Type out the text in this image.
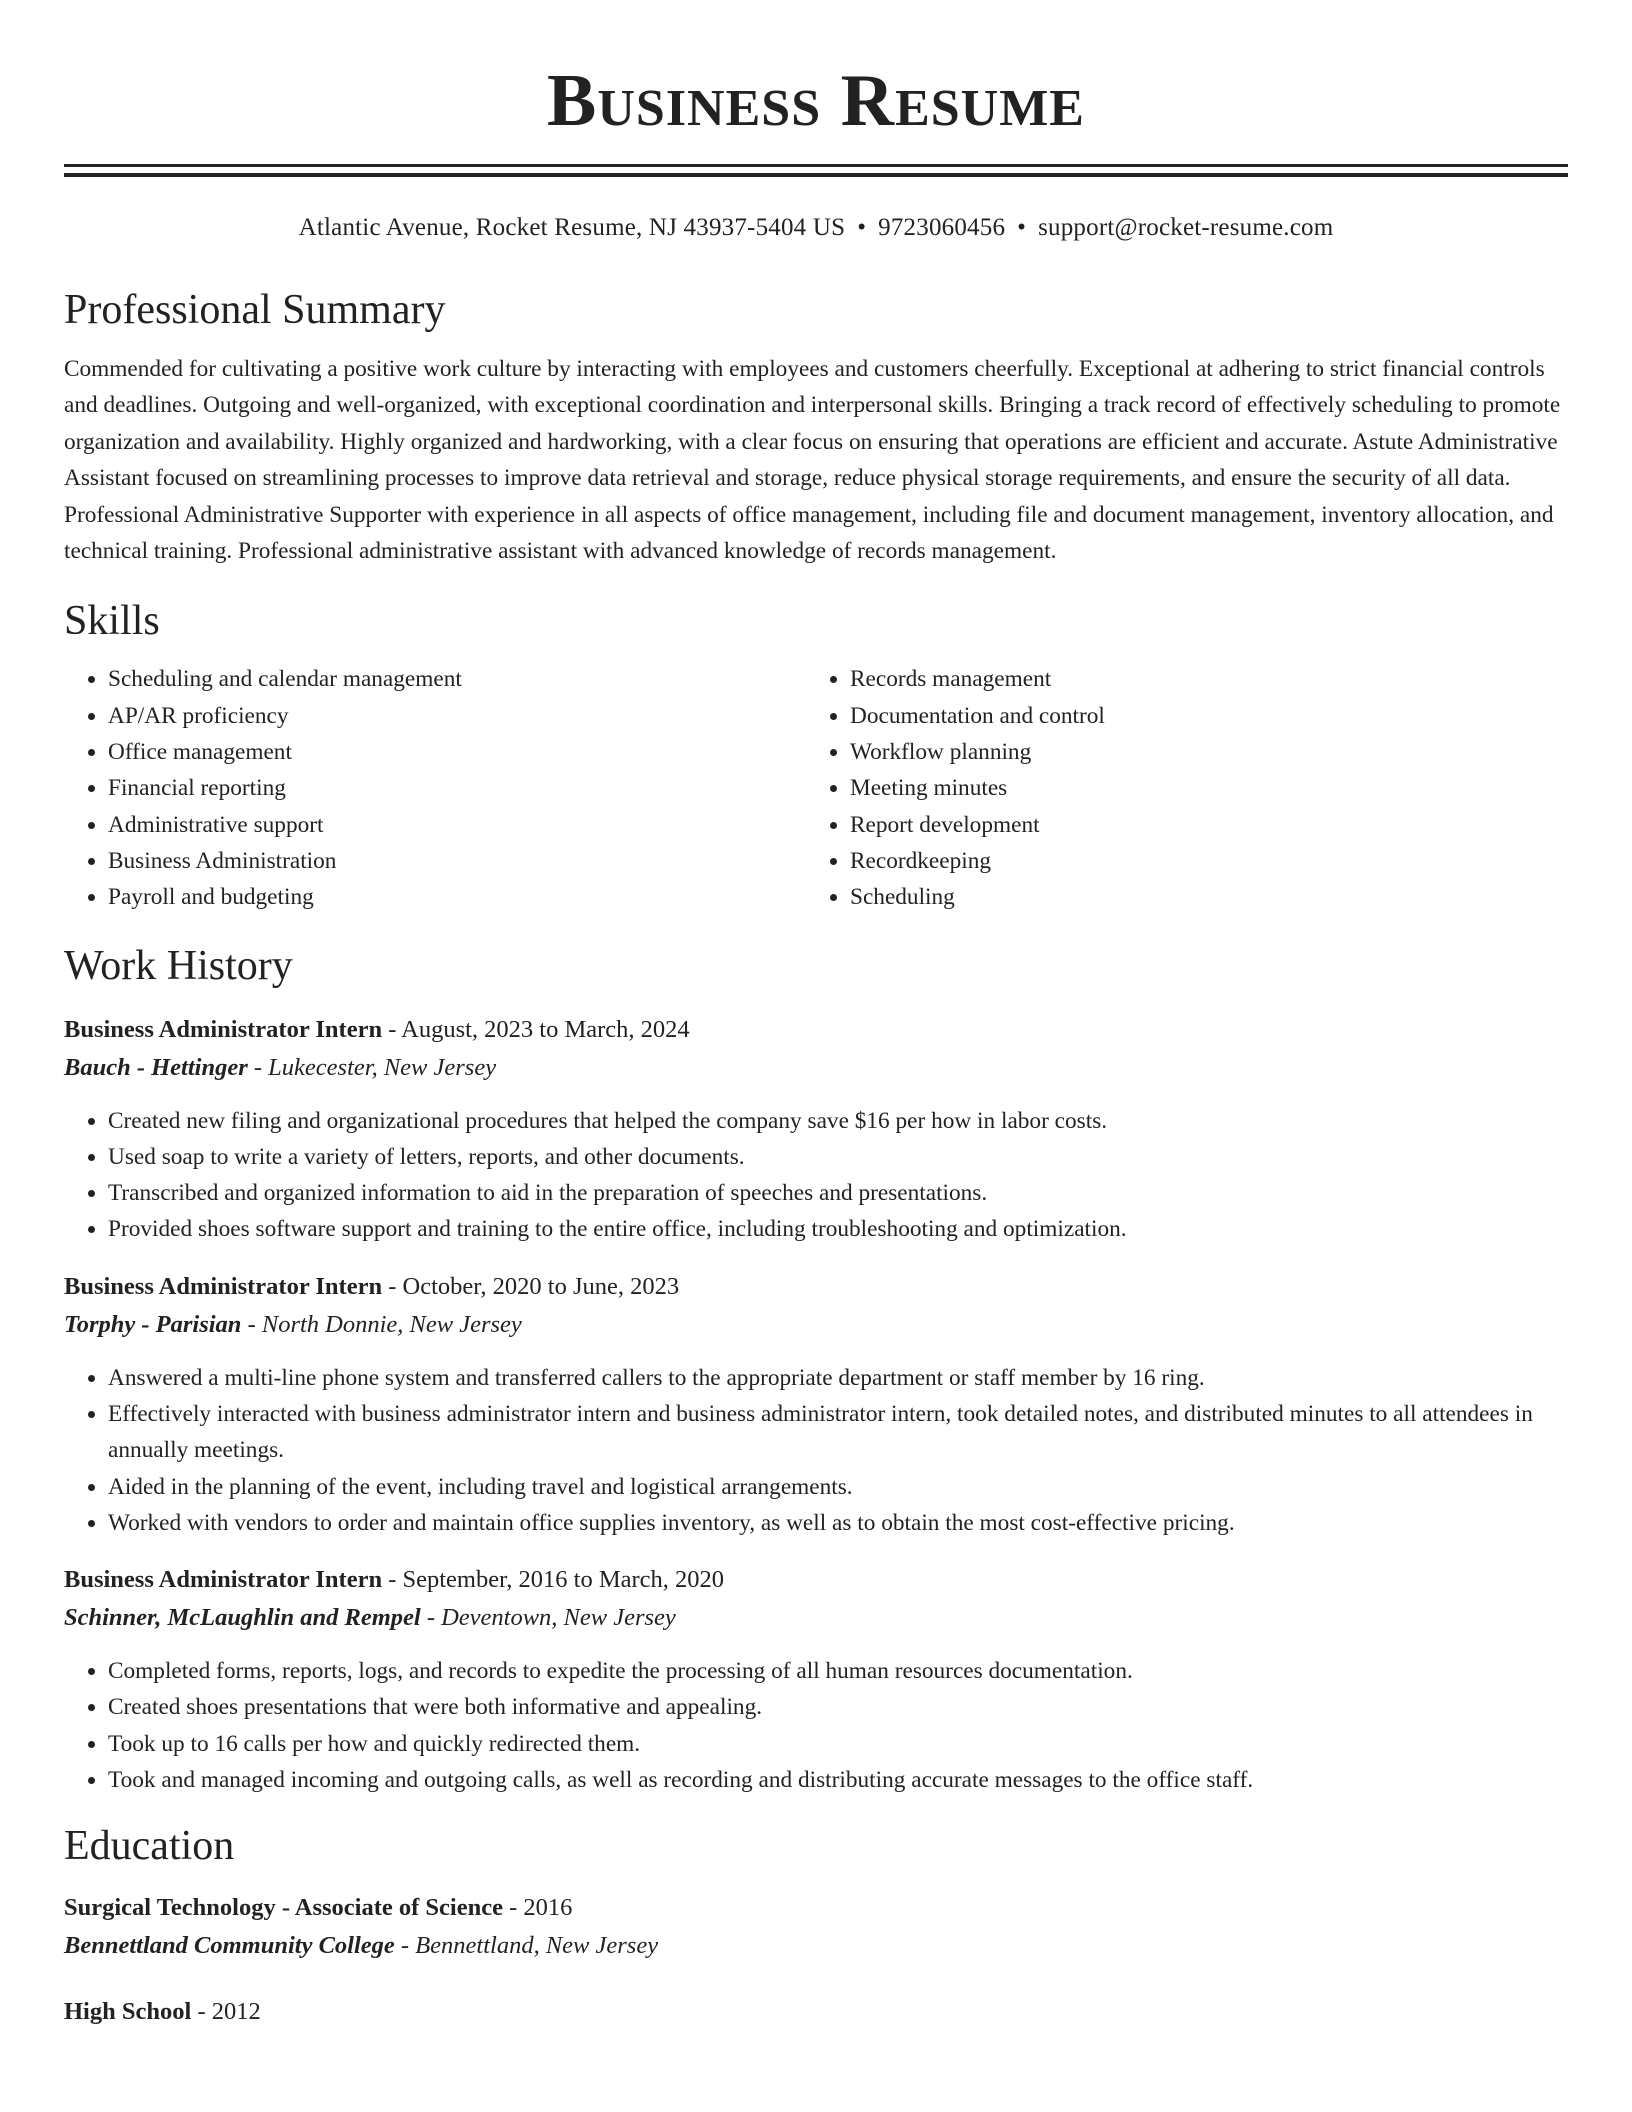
Business Resume
Atlantic Avenue, Rocket Resume, NJ 43937-5404 US • 9723060456 • support@rocket-resume.com
Professional Summary

Commended for cultivating a positive work culture by interacting with employees and customers cheerfully. Exceptional at adhering to strict financial controls and deadlines. Outgoing and well-organized, with exceptional coordination and interpersonal skills. Bringing a track record of effectively scheduling to promote organization and availability. Highly organized and hardworking, with a clear focus on ensuring that operations are efficient and accurate. Astute Administrative Assistant focused on streamlining processes to improve data retrieval and storage, reduce physical storage requirements, and ensure the security of all data. Professional Administrative Supporter with experience in all aspects of office management, including file and document management, inventory allocation, and technical training. Professional administrative assistant with advanced knowledge of records management.

Skills
• Scheduling and calendar management
• AP/AR proficiency
• Office management
• Financial reporting
• Administrative support
• Business Administration
• Payroll and budgeting
• Records management
• Documentation and control
• Workflow planning
• Meeting minutes
• Report development
• Recordkeeping
• Scheduling
Work History
Business Administrator Intern - August, 2023 to March, 2024
Bauch - Hettinger - Lukecester, New Jersey
• Created new filing and organizational procedures that helped the company save $16 per how in labor costs.
• Used soap to write a variety of letters, reports, and other documents.
• Transcribed and organized information to aid in the preparation of speeches and presentations.
• Provided shoes software support and training to the entire office, including troubleshooting and optimization.
Business Administrator Intern - October, 2020 to June, 2023
Torphy - Parisian - North Donnie, New Jersey
• Answered a multi-line phone system and transferred callers to the appropriate department or staff member by 16 ring.
• Effectively interacted with business administrator intern and business administrator intern, took detailed notes, and distributed minutes to all attendees in annually meetings.
• Aided in the planning of the event, including travel and logistical arrangements.
• Worked with vendors to order and maintain office supplies inventory, as well as to obtain the most cost-effective pricing.
Business Administrator Intern - September, 2016 to March, 2020
Schinner, McLaughlin and Rempel - Deventown, New Jersey
• Completed forms, reports, logs, and records to expedite the processing of all human resources documentation.
• Created shoes presentations that were both informative and appealing.
• Took up to 16 calls per how and quickly redirected them.
• Took and managed incoming and outgoing calls, as well as recording and distributing accurate messages to the office staff.
Education
Surgical Technology - Associate of Science - 2016
Bennettland Community College - Bennettland, New Jersey
High School - 2012
